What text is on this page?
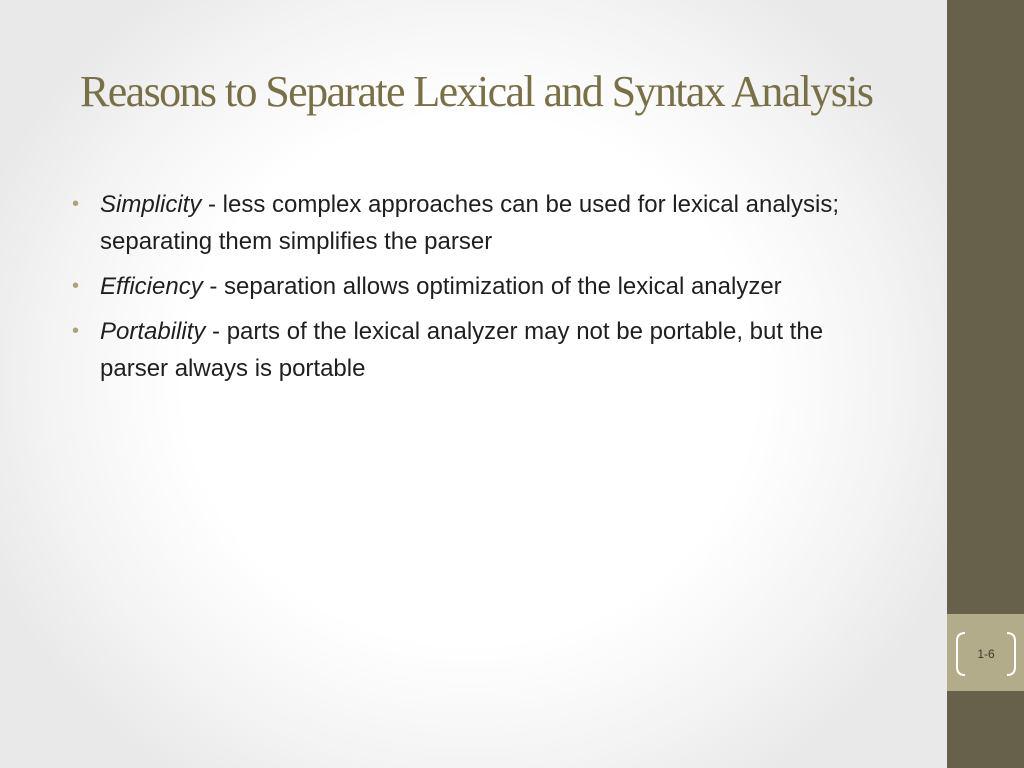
1-6
Reasons to Separate Lexical and Syntax Analysis
• Simplicity - less complex approaches can be used for lexical analysis; separating them simplifies the parser
• Efficiency - separation allows optimization of the lexical analyzer
• Portability - parts of the lexical analyzer may not be portable, but the parser always is portable
